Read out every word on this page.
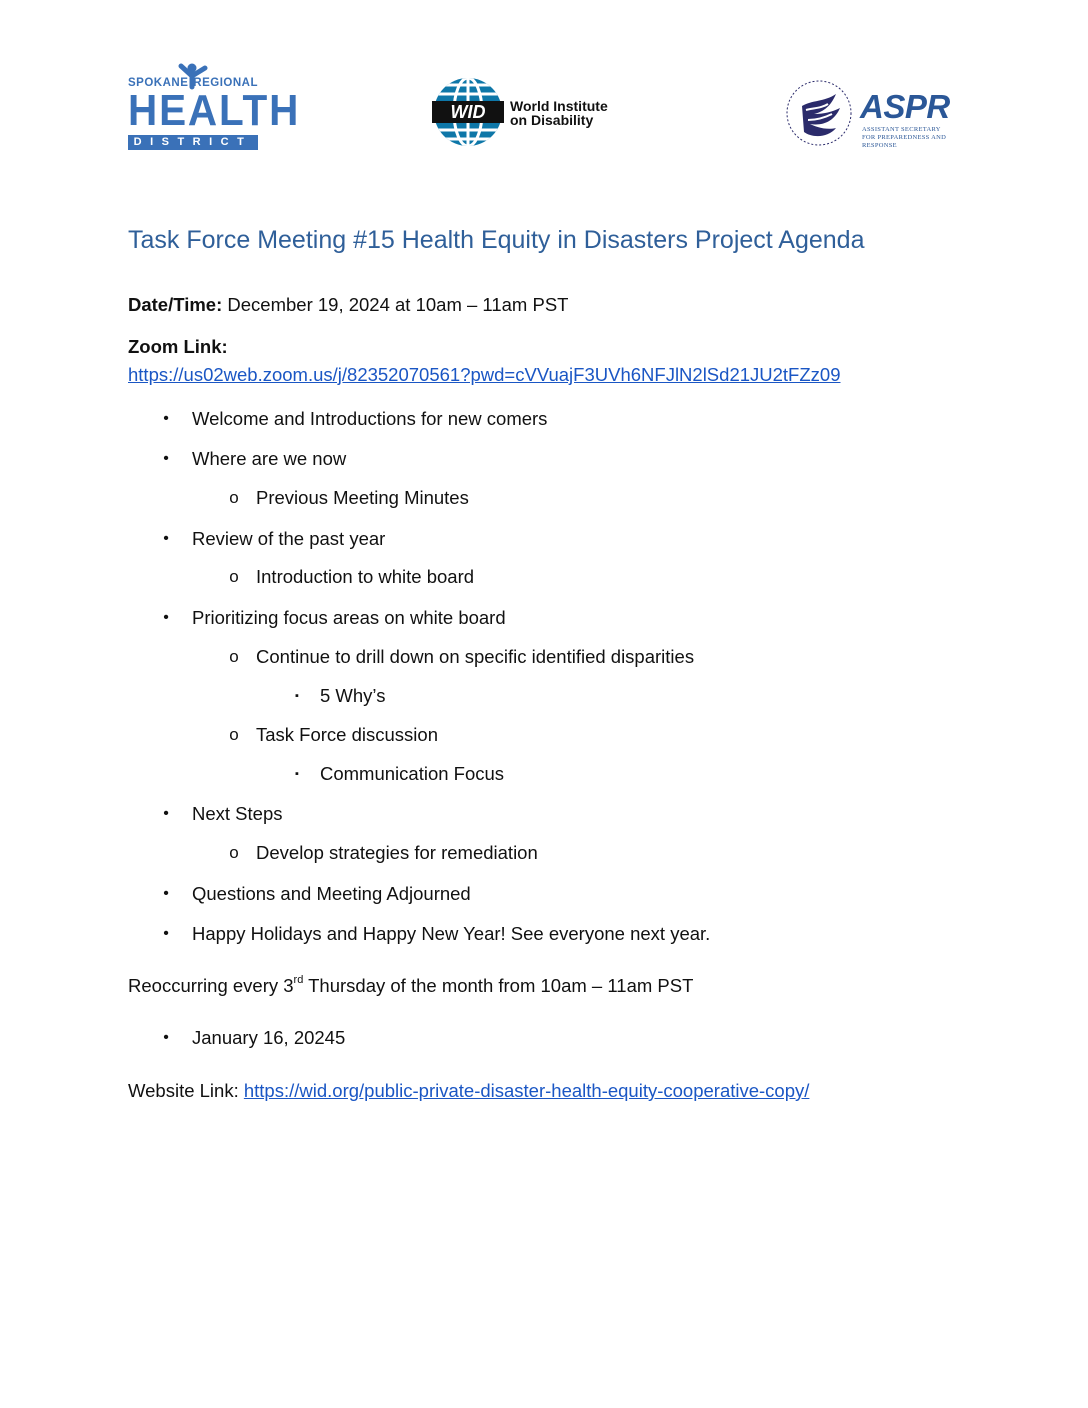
SPOKANE REGIONAL
HEALTH
DISTRICT
WID World Institute
on Disability	ASPR
ASSISTANT SECRETARY FOR PREPAREDNESS AND RESPONSE
Task Force Meeting #15 Health Equity in Disasters Project Agenda

Date/Time: December 19, 2024 at 10am – 11am PST

Zoom Link:

https://us02web.zoom.us/j/82352070561?pwd=cVVuajF3UVh6NFJlN2lSd21JU2tFZz09
•	Welcome and Introductions for new comers
•	Where are we now
o Previous Meeting Minutes
•	Review of the past year
o Introduction to white board
•	Prioritizing focus areas on white board
o Continue to drill down on specific identified disparities
▪	5 Why’s
o Task Force discussion
▪	Communication Focus
•	Next Steps
o Develop strategies for remediation
•	Questions and Meeting Adjourned
•	Happy Holidays and Happy New Year! See everyone next year.

Reoccurring every 3rd Thursday of the month from 10am – 11am PST

•	January 16, 20245

Website Link: https://wid.org/public-private-disaster-health-equity-cooperative-copy/
